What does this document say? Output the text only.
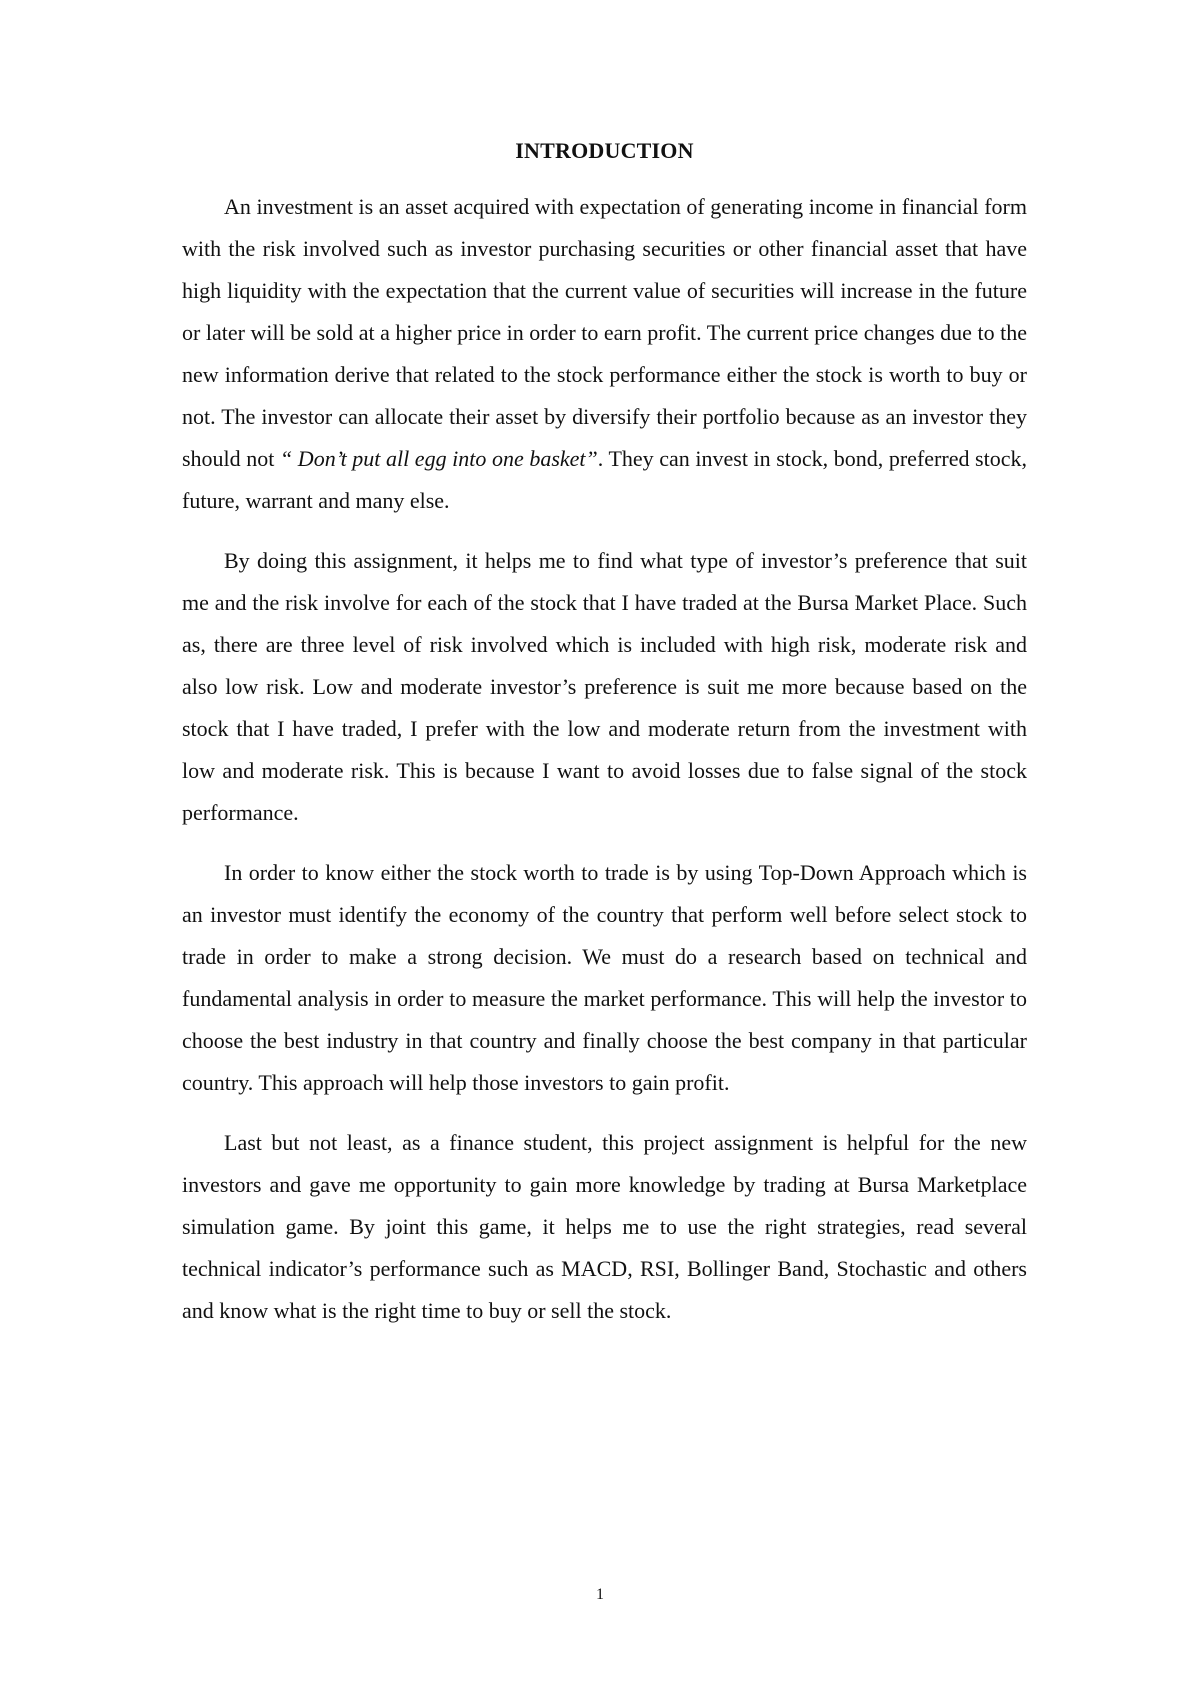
INTRODUCTION

An investment is an asset acquired with expectation of generating income in financial form with the risk involved such as investor purchasing securities or other financial asset that have high liquidity with the expectation that the current value of securities will increase in the future or later will be sold at a higher price in order to earn profit. The current price changes due to the new information derive that related to the stock performance either the stock is worth to buy or not. The investor can allocate their asset by diversify their portfolio because as an investor they should not “ Don’t put all egg into one basket”. They can invest in stock, bond, preferred stock, future, warrant and many else.

By doing this assignment, it helps me to find what type of investor’s preference that suit me and the risk involve for each of the stock that I have traded at the Bursa Market Place. Such as, there are three level of risk involved which is included with high risk, moderate risk and also low risk. Low and moderate investor’s preference is suit me more because based on the stock that I have traded, I prefer with the low and moderate return from the investment with low and moderate risk. This is because I want to avoid losses due to false signal of the stock performance.

In order to know either the stock worth to trade is by using Top-Down Approach which is an investor must identify the economy of the country that perform well before select stock to trade in order to make a strong decision. We must do a research based on technical and fundamental analysis in order to measure the market performance. This will help the investor to choose the best industry in that country and finally choose the best company in that particular country. This approach will help those investors to gain profit.

Last but not least, as a finance student, this project assignment is helpful for the new investors and gave me opportunity to gain more knowledge by trading at Bursa Marketplace simulation game. By joint this game, it helps me to use the right strategies, read several technical indicator’s performance such as MACD, RSI, Bollinger Band, Stochastic and others and know what is the right time to buy or sell the stock.

1
